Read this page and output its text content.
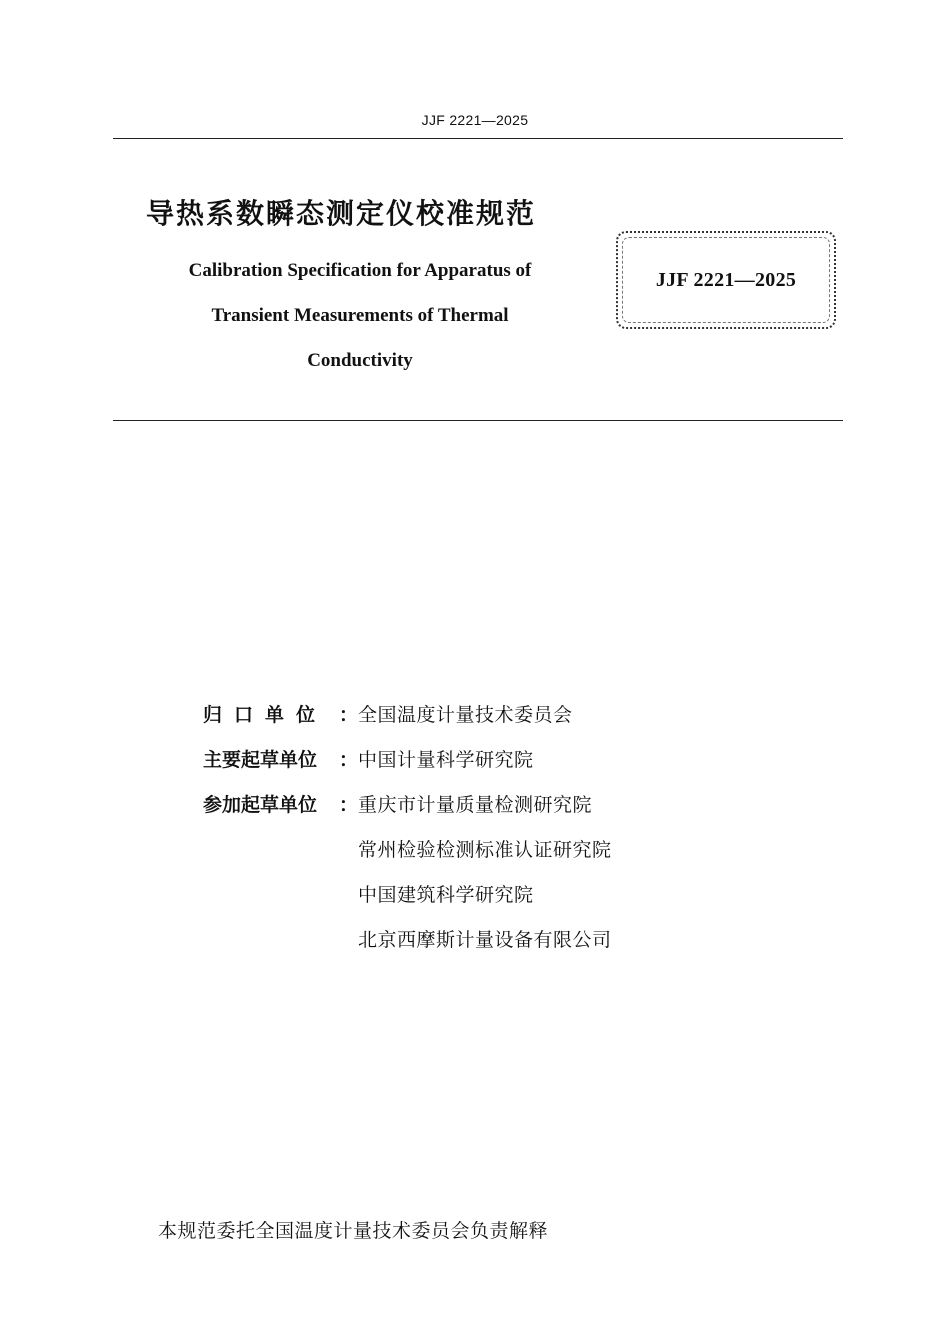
JJF 2221—2025
导热系数瞬态测定仪校准规范
Calibration Specification for Apparatus of
Transient Measurements of Thermal
Conductivity
JJF 2221—2025
归口单位 ： 全国温度计量技术委员会
主要起草单位	： 中国计量科学研究院
参加起草单位	： 重庆市计量质量检测研究院
常州检验检测标准认证研究院
中国建筑科学研究院
北京西摩斯计量设备有限公司
本规范委托全国温度计量技术委员会负责解释
